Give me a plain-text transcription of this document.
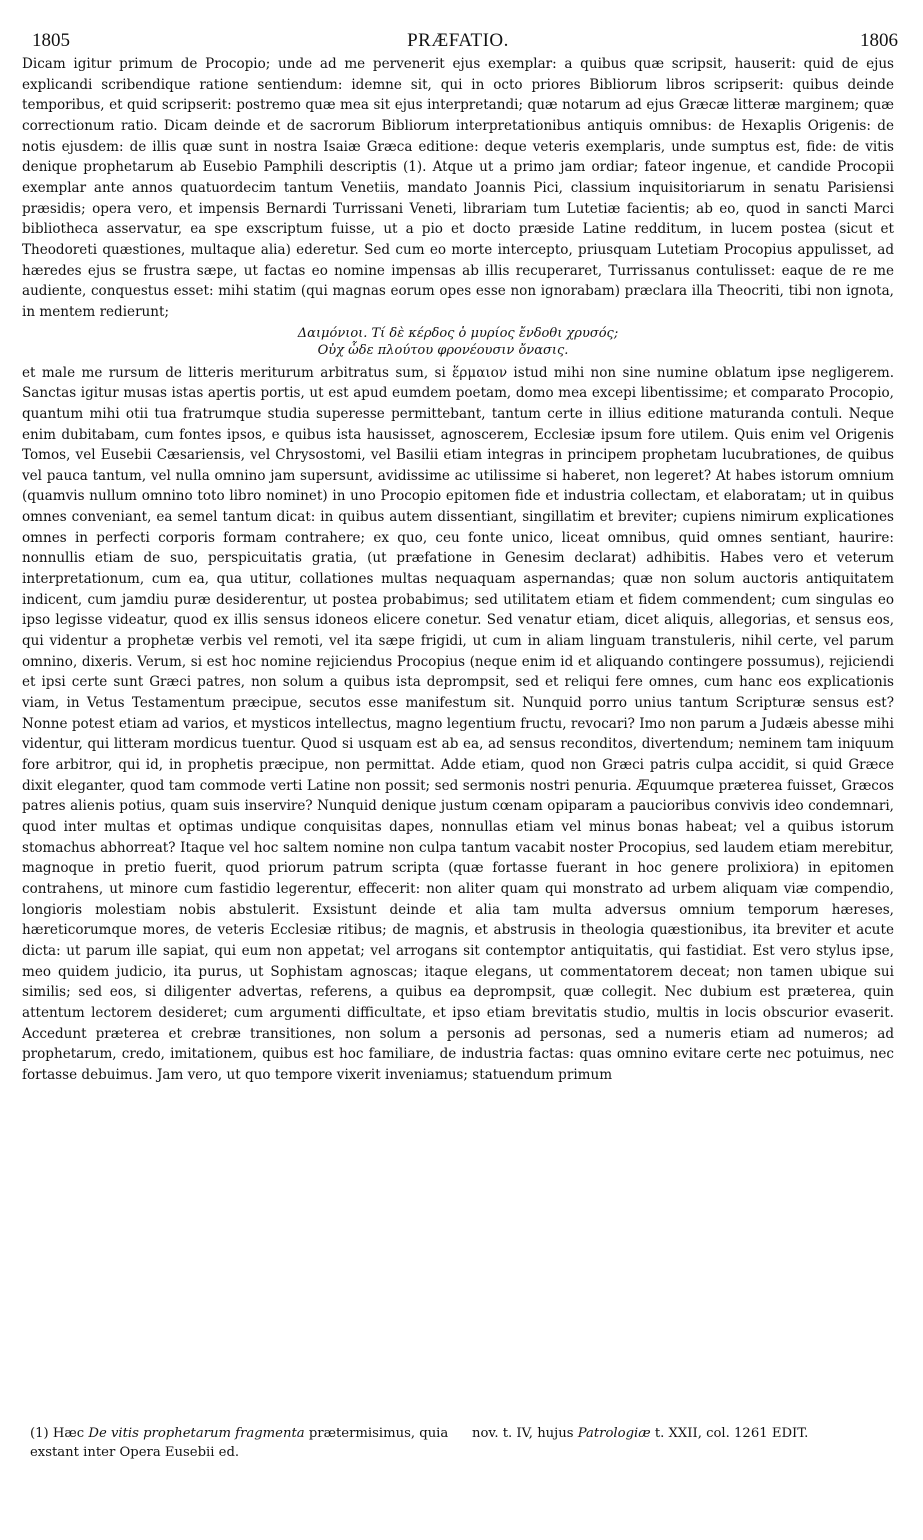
1805	PRÆFATIO.	1806

Dicam igitur primum de Procopio; unde ad me pervenerit ejus exemplar: a quibus quæ scripsit, hauserit: quid de ejus explicandi scribendique ratione sentiendum: idemne sit, qui in octo priores Bibliorum libros scripserit: quibus deinde temporibus, et quid scripserit: postremo quæ mea sit ejus interpretandi; quæ notarum ad ejus Græcæ litteræ marginem; quæ correctionum ratio. Dicam deinde et de sacrorum Bibliorum interpretationibus antiquis omnibus: de Hexaplis Origenis: de notis ejusdem: de illis quæ sunt in nostra Isaiæ Græca editione: deque veteris exemplaris, unde sumptus est, fide: de vitis denique prophetarum ab Eusebio Pamphili descriptis (1). Atque ut a primo jam ordiar; fateor ingenue, et candide Procopii exemplar ante annos quatuordecim tantum Venetiis, mandato Joannis Pici, classium inquisitoriarum in senatu Parisiensi præsidis; opera vero, et impensis Bernardi Turrissani Veneti, librariam tum Lutetiæ facientis; ab eo, quod in sancti Marci bibliotheca asservatur, ea spe exscriptum fuisse, ut a pio et docto præside Latine redditum, in lucem postea (sicut et Theodoreti quæstiones, multaque alia) ederetur. Sed cum eo morte intercepto, priusquam Lutetiam Procopius appulisset, ad hæredes ejus se frustra sæpe, ut factas eo nomine impensas ab illis recuperaret, Turrissanus contulisset: eaque de re me audiente, conquestus esset: mihi statim (qui magnas eorum opes esse non ignorabam) præclara illa Theocriti, tibi non ignota, in mentem redierunt;

Δαιμόνιοι. Τί δὲ κέρδος ὁ μυρίος ἔνδοθι χρυσός;
Οὐχ ὧδε πλούτου φρονέουσιν ὄνασις.

et male me rursum de litteris meriturum arbitratus sum, si ἕρμαιον istud mihi non sine numine oblatum ipse negligerem. Sanctas igitur musas istas apertis portis, ut est apud eumdem poetam, domo mea excepi libentissime; et comparato Procopio, quantum mihi otii tua fratrumque studia superesse permittebant, tantum certe in illius editione maturanda contuli. Neque enim dubitabam, cum fontes ipsos, e quibus ista hausisset, agnoscerem, Ecclesiæ ipsum fore utilem. Quis enim vel Origenis Tomos, vel Eusebii Cæsariensis, vel Chrysostomi, vel Basilii etiam integras in principem prophetam lucubrationes, de quibus vel pauca tantum, vel nulla omnino jam supersunt, avidissime ac utilissime si haberet, non legeret? At habes istorum omnium (quamvis nullum omnino toto libro nominet) in uno Procopio epitomen fide et industria collectam, et elaboratam; ut in quibus omnes conveniant, ea semel tantum dicat: in quibus autem dissentiant, singillatim et breviter; cupiens nimirum explicationes omnes in perfecti corporis formam contrahere; ex quo, ceu fonte unico, liceat omnibus, quid omnes sentiant, haurire: nonnullis etiam de suo, perspicuitatis gratia, (ut præfatione in Genesim declarat) adhibitis. Habes vero et veterum interpretationum, cum ea, qua utitur, collationes multas nequaquam aspernandas; quæ non solum auctoris antiquitatem indicent, cum jamdiu puræ desiderentur, ut postea probabimus; sed utilitatem etiam et fidem commendent; cum singulas eo ipso legisse videatur, quod ex illis sensus idoneos elicere conetur. Sed venatur etiam, dicet aliquis, allegorias, et sensus eos, qui videntur a prophetæ verbis vel remoti, vel ita sæpe frigidi, ut cum in aliam linguam transtuleris, nihil certe, vel parum omnino, dixeris. Verum, si est hoc nomine rejiciendus Procopius (neque enim id et aliquando contingere possumus), rejiciendi et ipsi certe sunt Græci patres, non solum a quibus ista deprompsit, sed et reliqui fere omnes, cum hanc eos explicationis viam, in Vetus Testamentum præcipue, secutos esse manifestum sit. Nunquid porro unius tantum Scripturæ sensus est? Nonne potest etiam ad varios, et mysticos intellectus, magno legentium fructu, revocari? Imo non parum a Judæis abesse mihi videntur, qui litteram mordicus tuentur. Quod si usquam est ab ea, ad sensus reconditos, divertendum; neminem tam iniquum fore arbitror, qui id, in prophetis præcipue, non permittat. Adde etiam, quod non Græci patris culpa accidit, si quid Græce dixit eleganter, quod tam commode verti Latine non possit; sed sermonis nostri penuria. Æquumque præterea fuisset, Græcos patres alienis potius, quam suis inservire? Nunquid denique justum cœnam opiparam a paucioribus convivis ideo condemnari, quod inter multas et optimas undique conquisitas dapes, nonnullas etiam vel minus bonas habeat; vel a quibus istorum stomachus abhorreat? Itaque vel hoc saltem nomine non culpa tantum vacabit noster Procopius, sed laudem etiam merebitur, magnoque in pretio fuerit, quod priorum patrum scripta (quæ fortasse fuerant in hoc genere prolixiora) in epitomen contrahens, ut minore cum fastidio legerentur, effecerit: non aliter quam qui monstrato ad urbem aliquam viæ compendio, longioris molestiam nobis abstulerit. Exsistunt deinde et alia tam multa adversus omnium temporum hæreses, hæreticorumque mores, de veteris Ecclesiæ ritibus; de magnis, et abstrusis in theologia quæstionibus, ita breviter et acute dicta: ut parum ille sapiat, qui eum non appetat; vel arrogans sit contemptor antiquitatis, qui fastidiat. Est vero stylus ipse, meo quidem judicio, ita purus, ut Sophistam agnoscas; itaque elegans, ut commentatorem deceat; non tamen ubique sui similis; sed eos, si diligenter advertas, referens, a quibus ea deprompsit, quæ collegit. Nec dubium est præterea, quin attentum lectorem desideret; cum argumenti difficultate, et ipso etiam brevitatis studio, multis in locis obscurior evaserit. Accedunt præterea et crebræ transitiones, non solum a personis ad personas, sed a numeris etiam ad numeros; ad prophetarum, credo, imitationem, quibus est hoc familiare, de industria factas: quas omnino evitare certe nec potuimus, nec fortasse debuimus. Jam vero, ut quo tempore vixerit inveniamus; statuendum primum

(1) Hæc De vitis prophetarum fragmenta prætermisimus, quia exstant inter Opera Eusebii ed.
nov. t. IV, hujus Patrologiæ t. XXII, col. 1261 EDIT.
